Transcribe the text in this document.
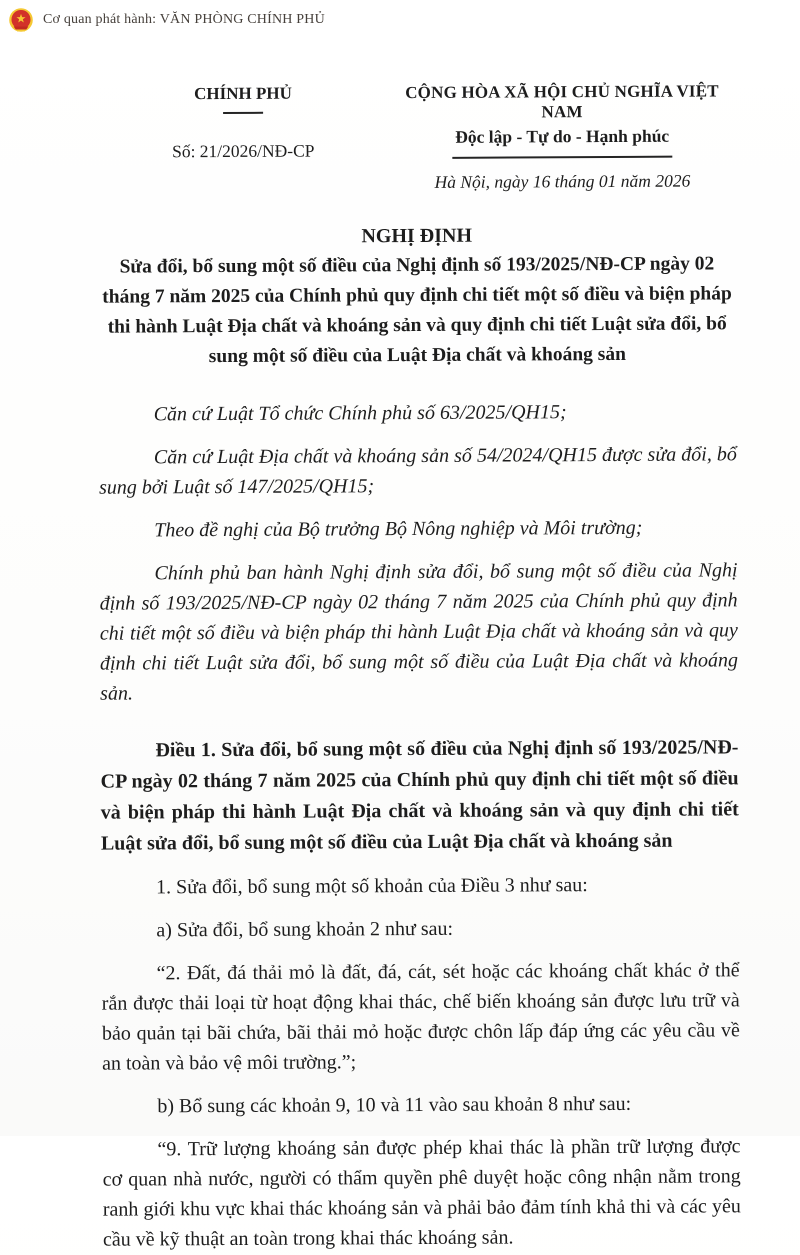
Cơ quan phát hành: VĂN PHÒNG CHÍNH PHỦ
CHÍNH PHỦ
Số: 21/2026/NĐ-CP
CỘNG HÒA XÃ HỘI CHỦ NGHĨA VIỆT NAM
Độc lập - Tự do - Hạnh phúc
Hà Nội, ngày 16 tháng 01 năm 2026
NGHỊ ĐỊNH
Sửa đổi, bổ sung một số điều của Nghị định số 193/2025/NĐ-CP ngày 02 tháng 7 năm 2025 của Chính phủ quy định chi tiết một số điều và biện pháp thi hành Luật Địa chất và khoáng sản và quy định chi tiết Luật sửa đổi, bổ sung một số điều của Luật Địa chất và khoáng sản

Căn cứ Luật Tổ chức Chính phủ số 63/2025/QH15;

Căn cứ Luật Địa chất và khoáng sản số 54/2024/QH15 được sửa đổi, bổ sung bởi Luật số 147/2025/QH15;

Theo đề nghị của Bộ trưởng Bộ Nông nghiệp và Môi trường;

Chính phủ ban hành Nghị định sửa đổi, bổ sung một số điều của Nghị định số 193/2025/NĐ-CP ngày 02 tháng 7 năm 2025 của Chính phủ quy định chi tiết một số điều và biện pháp thi hành Luật Địa chất và khoáng sản và quy định chi tiết Luật sửa đổi, bổ sung một số điều của Luật Địa chất và khoáng sản.

Điều 1. Sửa đổi, bổ sung một số điều của Nghị định số 193/2025/NĐ-CP ngày 02 tháng 7 năm 2025 của Chính phủ quy định chi tiết một số điều và biện pháp thi hành Luật Địa chất và khoáng sản và quy định chi tiết Luật sửa đổi, bổ sung một số điều của Luật Địa chất và khoáng sản

1. Sửa đổi, bổ sung một số khoản của Điều 3 như sau:

a) Sửa đổi, bổ sung khoản 2 như sau:

“2. Đất, đá thải mỏ là đất, đá, cát, sét hoặc các khoáng chất khác ở thể rắn được thải loại từ hoạt động khai thác, chế biến khoáng sản được lưu trữ và bảo quản tại bãi chứa, bãi thải mỏ hoặc được chôn lấp đáp ứng các yêu cầu về an toàn và bảo vệ môi trường.”;

b) Bổ sung các khoản 9, 10 và 11 vào sau khoản 8 như sau:

“9. Trữ lượng khoáng sản được phép khai thác là phần trữ lượng được cơ quan nhà nước, người có thẩm quyền phê duyệt hoặc công nhận nằm trong ranh giới khu vực khai thác khoáng sản và phải bảo đảm tính khả thi và các yêu cầu về kỹ thuật an toàn trong khai thác khoáng sản.
